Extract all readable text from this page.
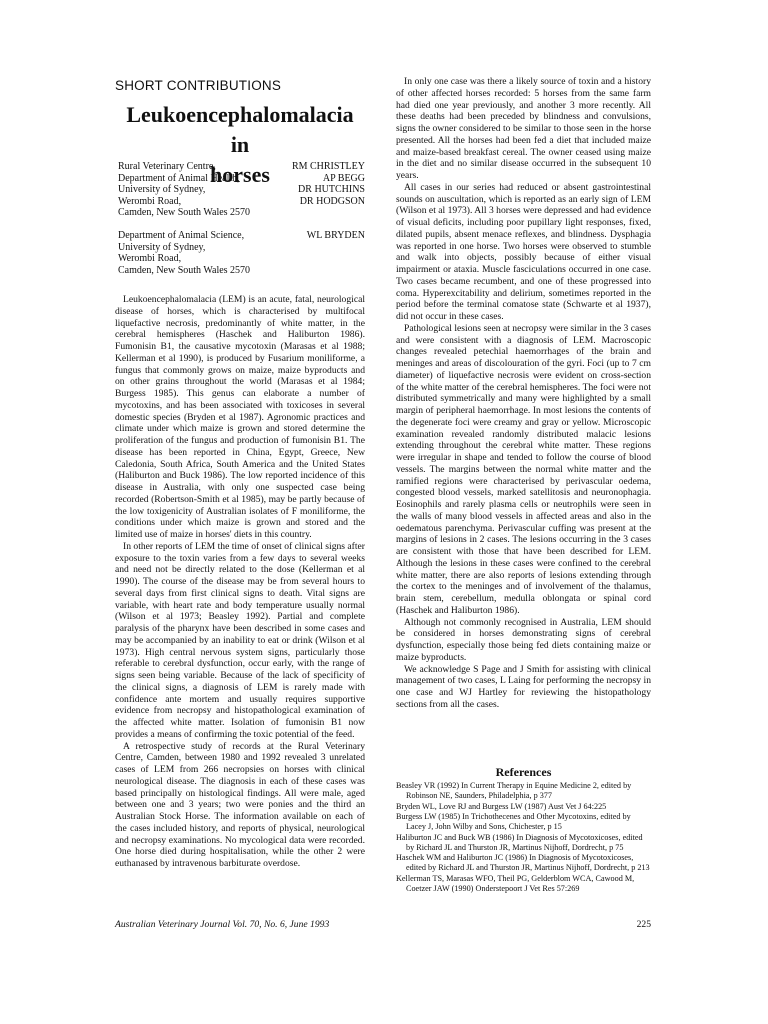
SHORT CONTRIBUTIONS
Leukoencephalomalacia in
horses
Rural Veterinary Centre,
Department of Animal Health,
University of Sydney,
Werombi Road,
Camden, New South Wales 2570
RM CHRISTLEY
AP BEGG
DR HUTCHINS
DR HODGSON
Department of Animal Science,
University of Sydney,
Werombi Road,
Camden, New South Wales 2570
WL BRYDEN

Leukoencephalomalacia (LEM) is an acute, fatal, neurological disease of horses, which is characterised by multifocal liquefactive necrosis, predominantly of white matter, in the cerebral hemispheres (Haschek and Haliburton 1986). Fumonisin B1, the causative mycotoxin (Marasas et al 1988; Kellerman et al 1990), is produced by Fusarium moniliforme, a fungus that commonly grows on maize, maize byproducts and on other grains throughout the world (Marasas et al 1984; Burgess 1985). This genus can elaborate a number of mycotoxins, and has been associated with toxicoses in several domestic species (Bryden et al 1987). Agronomic practices and climate under which maize is grown and stored determine the proliferation of the fungus and production of fumonisin B1. The disease has been reported in China, Egypt, Greece, New Caledonia, South Africa, South America and the United States (Haliburton and Buck 1986). The low reported incidence of this disease in Australia, with only one suspected case being recorded (Robertson-Smith et al 1985), may be partly because of the low toxigenicity of Australian isolates of F moniliforme, the conditions under which maize is grown and stored and the limited use of maize in horses' diets in this country.

In other reports of LEM the time of onset of clinical signs after exposure to the toxin varies from a few days to several weeks and need not be directly related to the dose (Kellerman et al 1990). The course of the disease may be from several hours to several days from first clinical signs to death. Vital signs are variable, with heart rate and body temperature usually normal (Wilson et al 1973; Beasley 1992). Partial and complete paralysis of the pharynx have been described in some cases and may be accompanied by an inability to eat or drink (Wilson et al 1973). High central nervous system signs, particularly those referable to cerebral dysfunction, occur early, with the range of signs seen being variable. Because of the lack of specificity of the clinical signs, a diagnosis of LEM is rarely made with confidence ante mortem and usually requires supportive evidence from necropsy and histopathological examination of the affected white matter. Isolation of fumonisin B1 now provides a means of confirming the toxic potential of the feed.

A retrospective study of records at the Rural Veterinary Centre, Camden, between 1980 and 1992 revealed 3 unrelated cases of LEM from 266 necropsies on horses with clinical neurological disease. The diagnosis in each of these cases was based principally on histological findings. All were male, aged between one and 3 years; two were ponies and the third an Australian Stock Horse. The information available on each of the cases included history, and reports of physical, neurological and necropsy examinations. No mycological data were recorded. One horse died during hospitalisation, while the other 2 were euthanased by intravenous barbiturate overdose.

In only one case was there a likely source of toxin and a history of other affected horses recorded: 5 horses from the same farm had died one year previously, and another 3 more recently. All these deaths had been preceded by blindness and convulsions, signs the owner considered to be similar to those seen in the horse presented. All the horses had been fed a diet that included maize and maize-based breakfast cereal. The owner ceased using maize in the diet and no similar disease occurred in the subsequent 10 years.

All cases in our series had reduced or absent gastrointestinal sounds on auscultation, which is reported as an early sign of LEM (Wilson et al 1973). All 3 horses were depressed and had evidence of visual deficits, including poor pupillary light responses, fixed, dilated pupils, absent menace reflexes, and blindness. Dysphagia was reported in one horse. Two horses were observed to stumble and walk into objects, possibly because of either visual impairment or ataxia. Muscle fasciculations occurred in one case. Two cases became recumbent, and one of these progressed into coma. Hyperexcitability and delirium, sometimes reported in the period before the terminal comatose state (Schwarte et al 1937), did not occur in these cases.

Pathological lesions seen at necropsy were similar in the 3 cases and were consistent with a diagnosis of LEM. Macroscopic changes revealed petechial haemorrhages of the brain and meninges and areas of discolouration of the gyri. Foci (up to 7 cm diameter) of liquefactive necrosis were evident on cross-section of the white matter of the cerebral hemispheres. The foci were not distributed symmetrically and many were highlighted by a small margin of peripheral haemorrhage. In most lesions the contents of the degenerate foci were creamy and gray or yellow. Microscopic examination revealed randomly distributed malacic lesions extending throughout the cerebral white matter. These regions were irregular in shape and tended to follow the course of blood vessels. The margins between the normal white matter and the ramified regions were characterised by perivascular oedema, congested blood vessels, marked satellitosis and neuronophagia. Eosinophils and rarely plasma cells or neutrophils were seen in the walls of many blood vessels in affected areas and also in the oedematous parenchyma. Perivascular cuffing was present at the margins of lesions in 2 cases. The lesions occurring in the 3 cases are consistent with those that have been described for LEM. Although the lesions in these cases were confined to the cerebral white matter, there are also reports of lesions extending through the cortex to the meninges and of involvement of the thalamus, brain stem, cerebellum, medulla oblongata or spinal cord (Haschek and Haliburton 1986).

Although not commonly recognised in Australia, LEM should be considered in horses demonstrating signs of cerebral dysfunction, especially those being fed diets containing maize or maize byproducts.

We acknowledge S Page and J Smith for assisting with clinical management of two cases, L Laing for performing the necropsy in one case and WJ Hartley for reviewing the histopathology sections from all the cases.

References
Beasley VR (1992) In Current Therapy in Equine Medicine 2, edited by Robinson NE, Saunders, Philadelphia, p 377
Bryden WL, Love RJ and Burgess LW (1987) Aust Vet J 64:225
Burgess LW (1985) In Trichothecenes and Other Mycotoxins, edited by Lacey J, John Wilby and Sons, Chichester, p 15
Haliburton JC and Buck WB (1986) In Diagnosis of Mycotoxicoses, edited by Richard JL and Thurston JR, Martinus Nijhoff, Dordrecht, p 75
Haschek WM and Haliburton JC (1986) In Diagnosis of Mycotoxicoses, edited by Richard JL and Thurston JR, Martinus Nijhoff, Dordrecht, p 213
Kellerman TS, Marasas WFO, Theil PG, Gelderblom WCA, Cawood M, Coetzer JAW (1990) Onderstepoort J Vet Res 57:269
Australian Veterinary Journal Vol. 70, No. 6, June 1993	225
